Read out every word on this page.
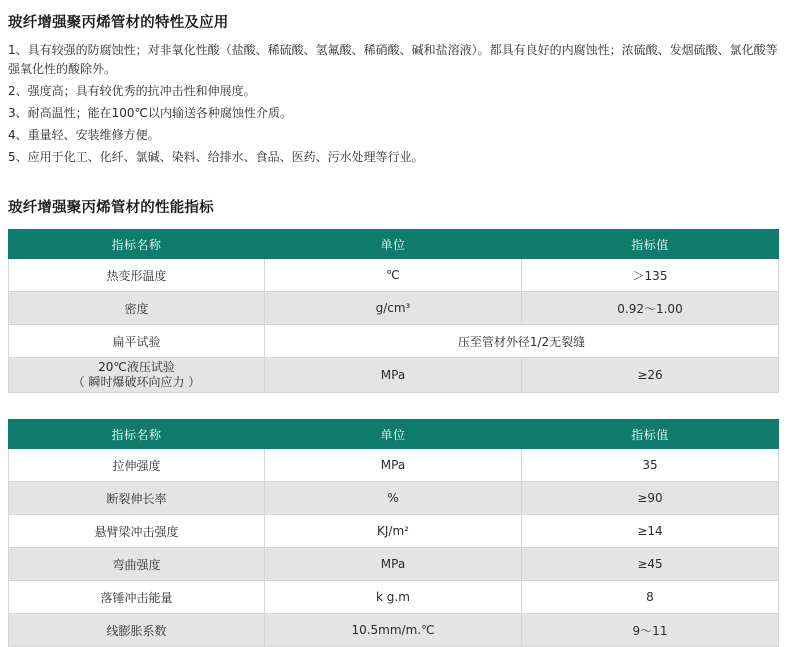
玻纤增强聚丙烯管材的特性及应用
1、具有较强的防腐蚀性；对非氧化性酸（盐酸、稀硫酸、氢氟酸、稀硝酸、碱和盐溶液）。都具有良好的内腐蚀性；浓硫酸、发烟硫酸、氯化酸等强氧化性的酸除外。
2、强度高；具有较优秀的抗冲击性和伸展度。
3、耐高温性；能在100℃以内输送各种腐蚀性介质。
4、重量轻、安装维修方便。
5、应用于化工、化纤、氯碱、染料、给排水、食品、医药、污水处理等行业。
玻纤增强聚丙烯管材的性能指标
指标名称	单位	指标值
热变形温度	℃	＞135
密度	g/cm³	0.92～1.00
扁平试验	压至管材外径1/2无裂缝	
20℃液压试验
（ 瞬时爆破环向应力 ）	MPa	≥26
指标名称	单位	指标值
拉伸强度	MPa	35
断裂伸长率	%	≥90
悬臂梁冲击强度	KJ/m²	≥14
弯曲强度	MPa	≥45
落锤冲击能量	k g.m	8
线膨胀系数	10.5mm/m.℃	9～11
